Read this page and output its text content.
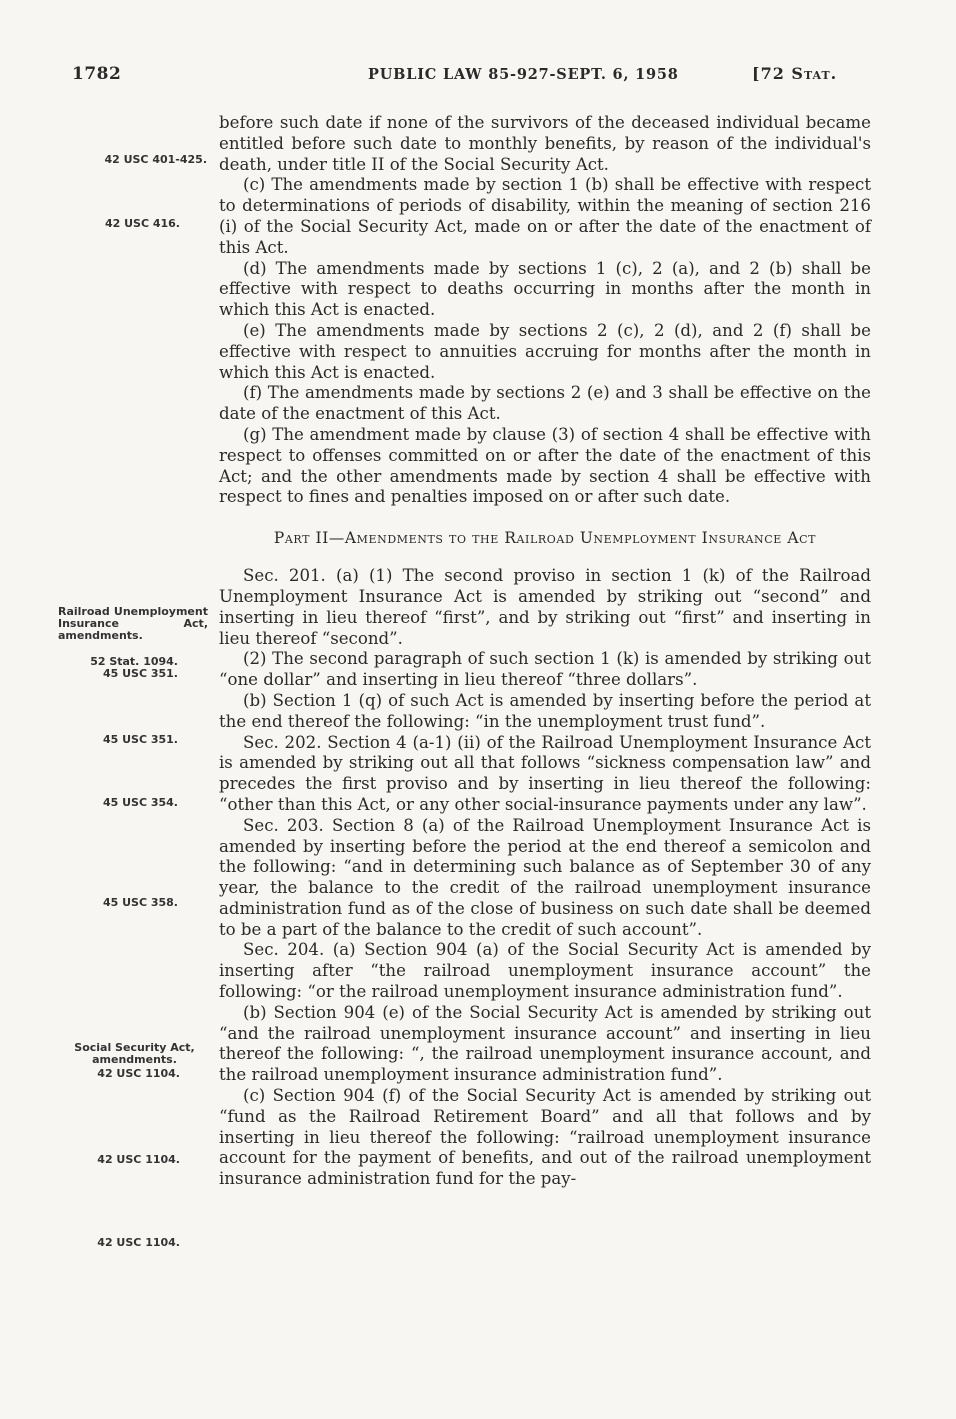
1782	PUBLIC LAW 85-927-SEPT. 6, 1958	[72 Stat.
42 USC 401-425.
42 USC 416.
Railroad Unemployment Insurance Act, amendments.
52 Stat. 1094.
45 USC 351.
45 USC 351.
45 USC 354.
45 USC 358.
Social Security Act, amendments.
42 USC 1104.
42 USC 1104.
42 USC 1104.

before such date if none of the survivors of the deceased individual became entitled before such date to monthly benefits, by reason of the individual's death, under title II of the Social Security Act.

(c) The amendments made by section 1 (b) shall be effective with respect to determinations of periods of disability, within the meaning of section 216 (i) of the Social Security Act, made on or after the date of the enactment of this Act.

(d) The amendments made by sections 1 (c), 2 (a), and 2 (b) shall be effective with respect to deaths occurring in months after the month in which this Act is enacted.

(e) The amendments made by sections 2 (c), 2 (d), and 2 (f) shall be effective with respect to annuities accruing for months after the month in which this Act is enacted.

(f) The amendments made by sections 2 (e) and 3 shall be effective on the date of the enactment of this Act.

(g) The amendment made by clause (3) of section 4 shall be effective with respect to offenses committed on or after the date of the enactment of this Act; and the other amendments made by section 4 shall be effective with respect to fines and penalties imposed on or after such date.

Part II—Amendments to the Railroad Unemployment Insurance Act

Sec. 201. (a) (1) The second proviso in section 1 (k) of the Railroad Unemployment Insurance Act is amended by striking out “second” and inserting in lieu thereof “first”, and by striking out “first” and inserting in lieu thereof “second”.

(2) The second paragraph of such section 1 (k) is amended by striking out “one dollar” and inserting in lieu thereof “three dollars”.

(b) Section 1 (q) of such Act is amended by inserting before the period at the end thereof the following: “in the unemployment trust fund”.

Sec. 202. Section 4 (a-1) (ii) of the Railroad Unemployment Insurance Act is amended by striking out all that follows “sickness compensation law” and precedes the first proviso and by inserting in lieu thereof the following: “other than this Act, or any other social-insurance payments under any law”.

Sec. 203. Section 8 (a) of the Railroad Unemployment Insurance Act is amended by inserting before the period at the end thereof a semicolon and the following: “and in determining such balance as of September 30 of any year, the balance to the credit of the railroad unemployment insurance administration fund as of the close of business on such date shall be deemed to be a part of the balance to the credit of such account”.

Sec. 204. (a) Section 904 (a) of the Social Security Act is amended by inserting after “the railroad unemployment insurance account” the following: “or the railroad unemployment insurance administration fund”.

(b) Section 904 (e) of the Social Security Act is amended by striking out “and the railroad unemployment insurance account” and inserting in lieu thereof the following: “, the railroad unemployment insurance account, and the railroad unemployment insurance administration fund”.

(c) Section 904 (f) of the Social Security Act is amended by striking out “fund as the Railroad Retirement Board” and all that follows and by inserting in lieu thereof the following: “railroad unemployment insurance account for the payment of benefits, and out of the railroad unemployment insurance administration fund for the pay-
